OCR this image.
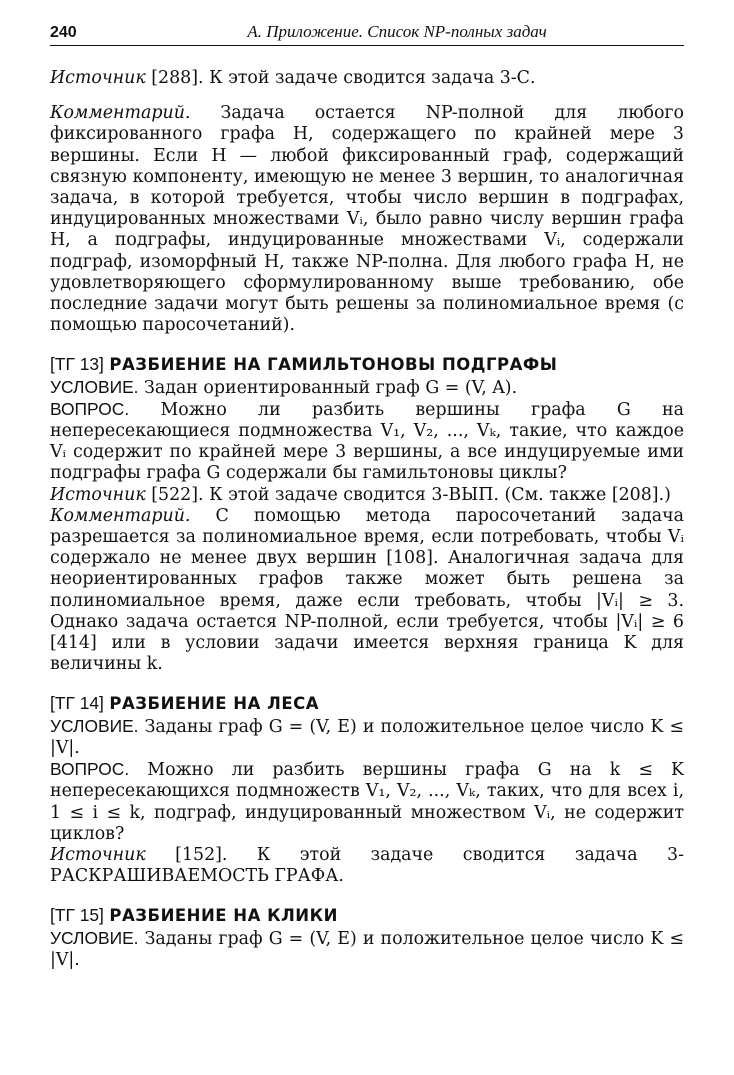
240	А. Приложение. Список NP-полных задач

Источник [288]. К этой задаче сводится задача 3-С.

Комментарий. Задача остается NP-полной для любого фиксированного графа H, содержащего по крайней мере 3 вершины. Если H — любой фиксированный граф, содержащий связную компоненту, имеющую не менее 3 вершин, то аналогичная задача, в которой требуется, чтобы число вершин в подграфах, индуцированных множествами Vᵢ, было равно числу вершин графа H, а подграфы, индуцированные множествами Vᵢ, содержали подграф, изоморфный H, также NP-полна. Для любого графа H, не удовлетворяющего сформулированному выше требованию, обе последние задачи могут быть решены за полиномиальное время (с помощью паросочетаний).

[ТГ 13] РАЗБИЕНИЕ НА ГАМИЛЬТОНОВЫ ПОДГРАФЫ

УСЛОВИЕ. Задан ориентированный граф G = (V, A).

ВОПРОС. Можно ли разбить вершины графа G на непересекающиеся подмножества V₁, V₂, ..., Vₖ, такие, что каждое Vᵢ содержит по крайней мере 3 вершины, а все индуцируемые ими подграфы графа G содержали бы гамильтоновы циклы?

Источник [522]. К этой задаче сводится 3-ВЫП. (См. также [208].)

Комментарий. С помощью метода паросочетаний задача разрешается за полиномиальное время, если потребовать, чтобы Vᵢ содержало не менее двух вершин [108]. Аналогичная задача для неориентированных графов также может быть решена за полиномиальное время, даже если требовать, чтобы |Vᵢ| ≥ 3. Однако задача остается NP-полной, если требуется, чтобы |Vᵢ| ≥ 6 [414] или в условии задачи имеется верхняя граница K для величины k.

[ТГ 14] РАЗБИЕНИЕ НА ЛЕСА

УСЛОВИЕ. Заданы граф G = (V, E) и положительное целое число K ≤ |V|.

ВОПРОС. Можно ли разбить вершины графа G на k ≤ K непересекающихся подмножеств V₁, V₂, ..., Vₖ, таких, что для всех i, 1 ≤ i ≤ k, подграф, индуцированный множеством Vᵢ, не содержит циклов?

Источник [152]. К этой задаче сводится задача 3-РАСКРАШИВАЕМОСТЬ ГРАФА.

[ТГ 15] РАЗБИЕНИЕ НА КЛИКИ

УСЛОВИЕ. Заданы граф G = (V, E) и положительное целое число K ≤ |V|.
